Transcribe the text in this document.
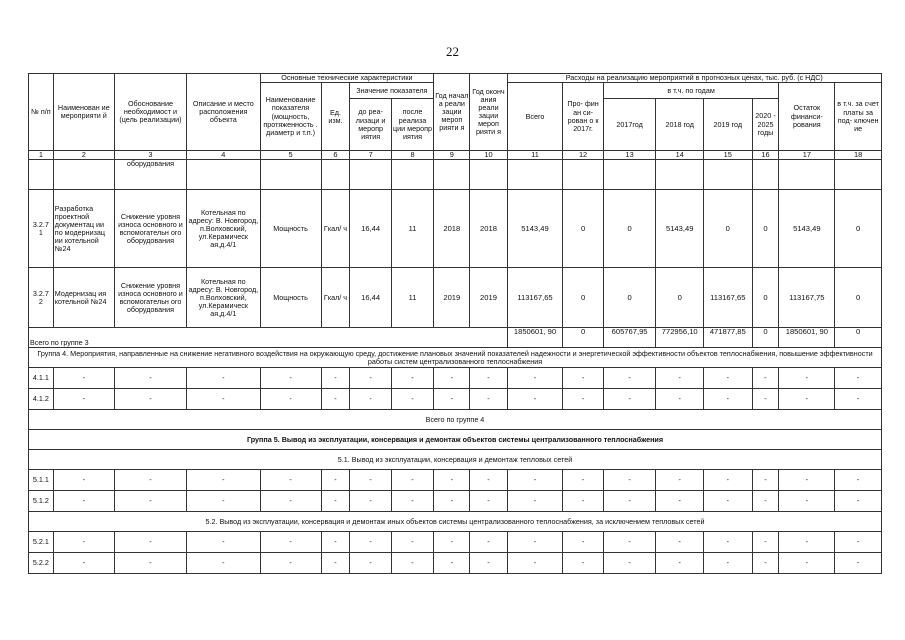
22
№ п/п	Наименован ие мероприяти й	Обоснование необходимост и (цель реализации)	Описание и место расположения объекта	Основные технические характеристики				Год начал а реали зации мероп рияти я	Год оконч ания реали зации мероп рияти я	Расходы на реализацию мероприятий в прогнозных ценах, тыс. руб. (с НДС)							
				Наименование показателя (мощность, протяженность . диаметр и т.п.)	Ед. изм.	Значение показателя				Всего	Про- фин ан си- рован о к 2017г.	в т.ч. по годам				Остаток финанси- рования	в т.ч. за счет платы за под- ключен ие
						до реа- лизаци и меропр иятия	после реализа ции меропр иятия					2017год	2018 год	2019 год	2020 - 2025 годы		

1	2	3	4	5	6	7	8	9	10	11	12	13	14	15	16	17	18
		оборудования															
3.2.7 1	Разработка проектной документац ии по модернизац ии котельной №24	Снижение уровня износа основного и вспомогательн ого оборудования	Котельная по адресу: В. Новгород, п.Волховский, ул.Керамическ ая,д.4/1	Мощность	Гкал/ ч	16,44	11	2018	2018	5143,49	0	0	5143,49	0	0	5143,49	0
3.2.7 2	Модернизац ия котельной №24	Снижение уровня износа основного и вспомогательн ого оборудования	Котельная по адресу: В. Новгород, п.Волховский, ул.Керамическ ая,д.4/1	Мощность	Гкал/ ч	16,44	11	2019	2019	113167,65	0	0	0	113167,65	0	113167,75	0
Всего по группе 3										1850601, 90	0	605767,95	772956,10	471877,85	0	1850601, 90	0
Группа 4. Мероприятия, направленные на снижение негативного воздействия на окружающую среду, достижение плановых значений показателей надежности и энергетической эффективности объектов теплоснабжения, повышение эффективности работы систем централизованного теплоснабжения																	
4.1.1	-	-	-	-	-	-	-	-	-	-	-	-	-	-	-	-	-
4.1.2	-	-	-	-	-	-	-	-	-	-	-	-	-	-	-	-	-
Всего по группе 4																	
Группа 5. Вывод из эксплуатации, консервация и демонтаж объектов системы централизованного теплоснабжения																	
5.1. Вывод из эксплуатации, консервация и демонтаж тепловых сетей																	
5.1.1	-	-	-	-	-	-	-	-	-	-	-	-	-	-	-	-	-
5.1.2	-	-	-	-	-	-	-	-	-	-	-	-	-	-	-	-	-
5.2. Вывод из эксплуатации, консервация и демонтаж иных объектов системы централизованного теплоснабжения, за исключением тепловых сетей																	
5.2.1	-	-	-	-	-	-	-	-	-	-	-	-	-	-	-	-	-
5.2.2	-	-	-	-	-	-	-	-	-	-	-	-	-	-	-	-	-
